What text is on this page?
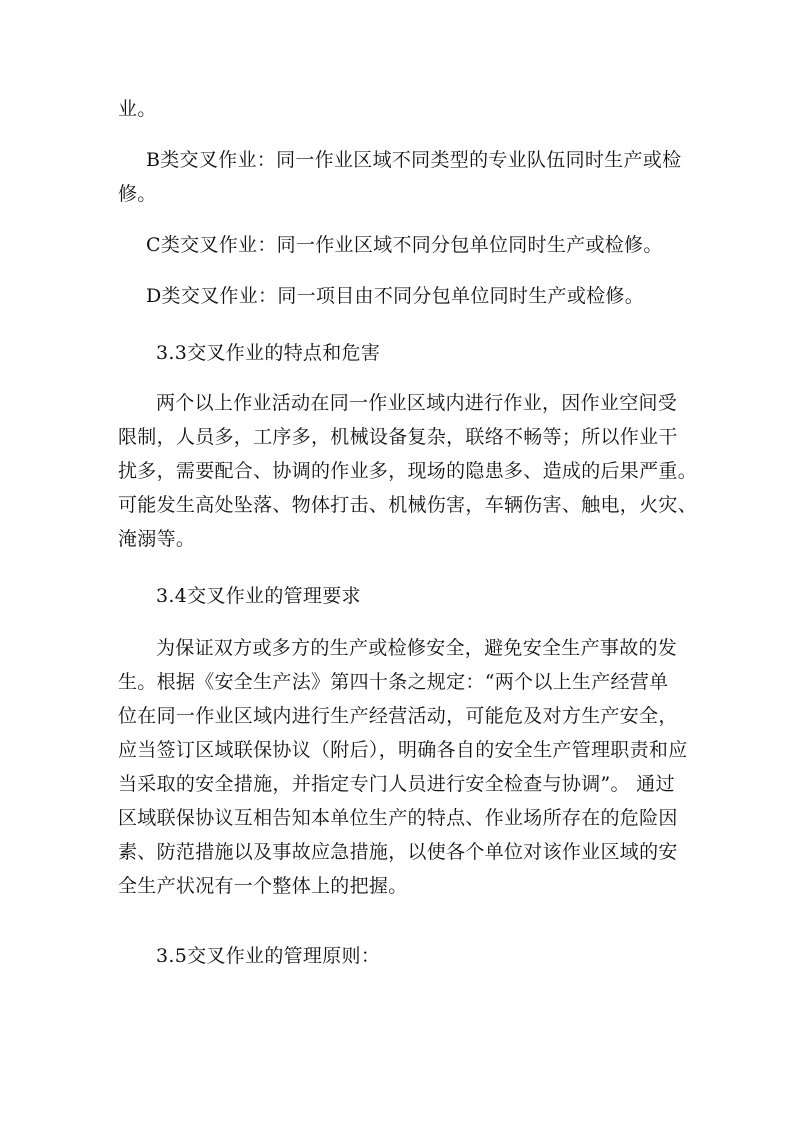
业。
B类交叉作业：同一作业区域不同类型的专业队伍同时生产或检
修。
C类交叉作业：同一作业区域不同分包单位同时生产或检修。
D类交叉作业：同一项目由不同分包单位同时生产或检修。
3.3交叉作业的特点和危害
两个以上作业活动在同一作业区域内进行作业，因作业空间受
限制，人员多，工序多，机械设备复杂，联络不畅等；所以作业干
扰多，需要配合、协调的作业多，现场的隐患多、造成的后果严重。
可能发生高处坠落、物体打击、机械伤害，车辆伤害、触电，火灾、
淹溺等。
3.4交叉作业的管理要求
为保证双方或多方的生产或检修安全，避免安全生产事故的发
生。根据《安全生产法》第四十条之规定：“两个以上生产经营单
位在同一作业区域内进行生产经营活动，可能危及对方生产安全，
应当签订区域联保协议（附后），明确各自的安全生产管理职责和应
当采取的安全措施，并指定专门人员进行安全检查与协调”。 通过
区域联保协议互相告知本单位生产的特点、作业场所存在的危险因
素、防范措施以及事故应急措施，以使各个单位对该作业区域的安
全生产状况有一个整体上的把握。
3.5交叉作业的管理原则：
